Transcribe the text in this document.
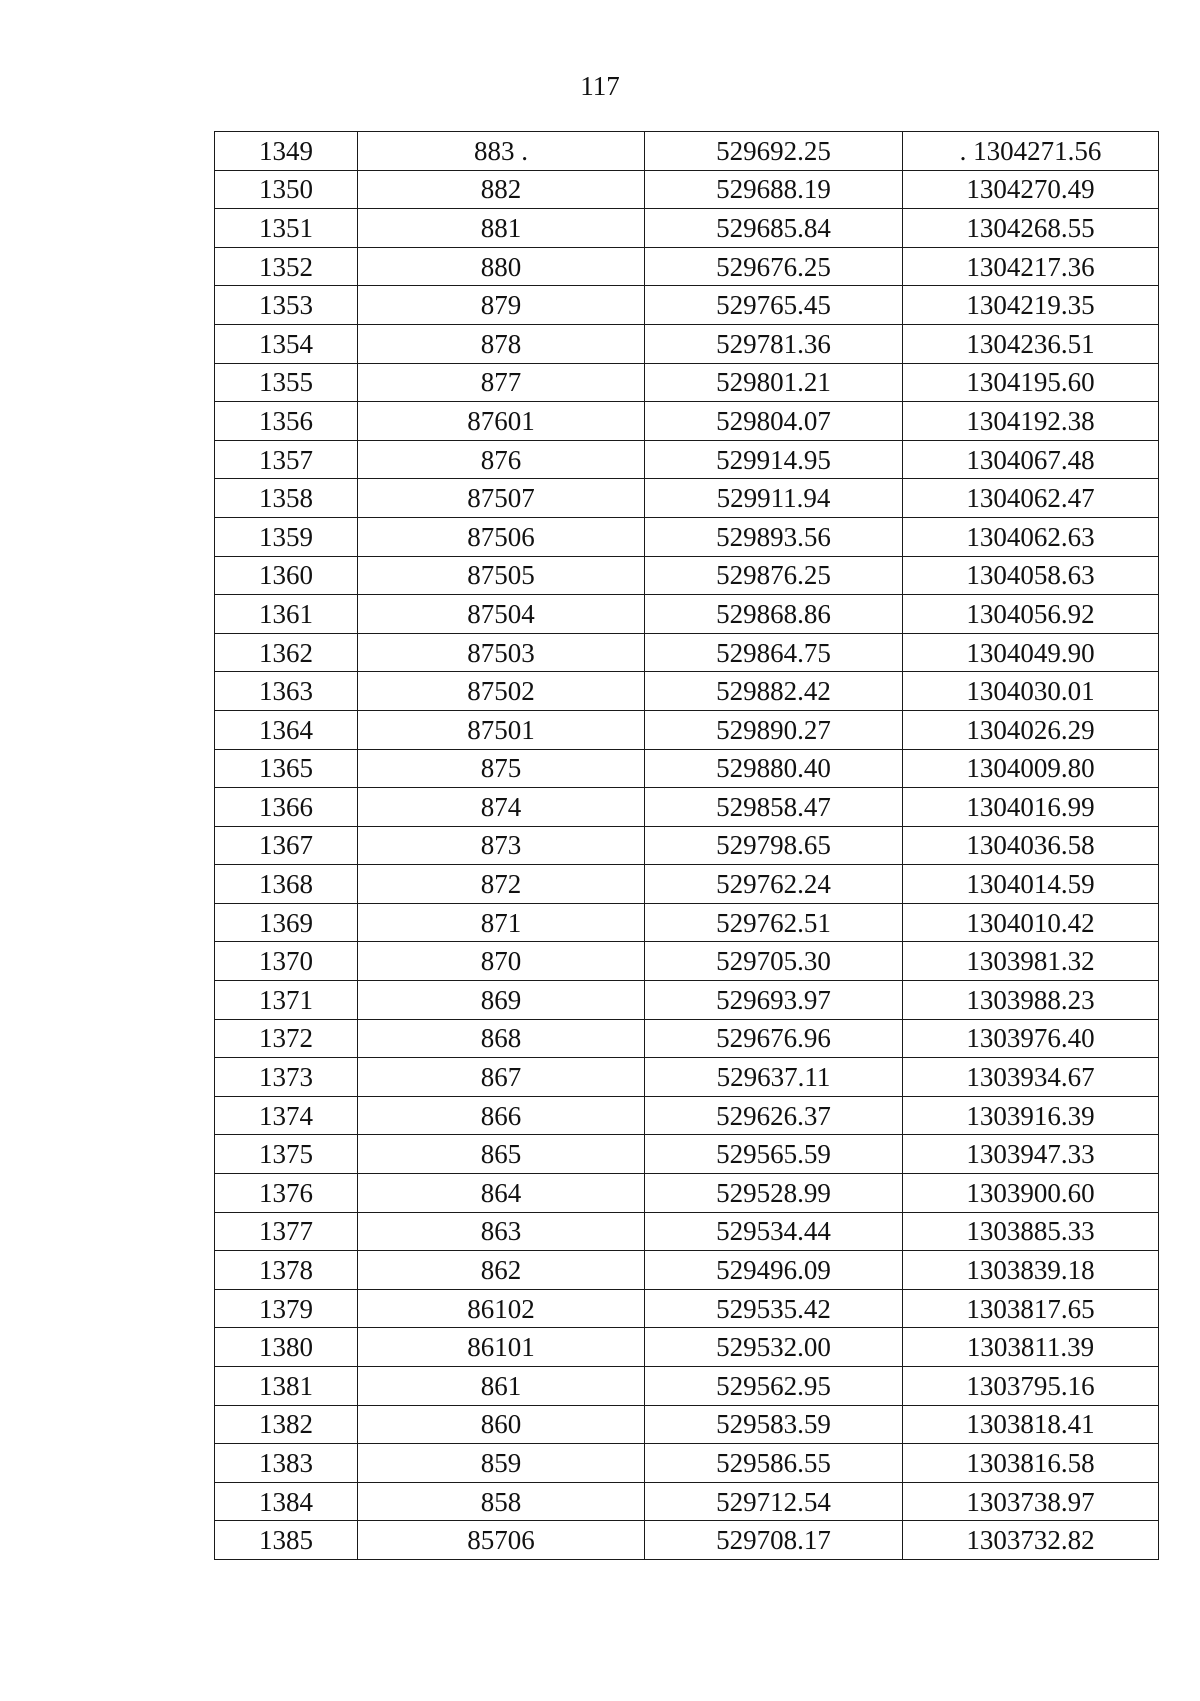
117
1349	883 .	529692.25	. 1304271.56
1350	882	529688.19	1304270.49
1351	881	529685.84	1304268.55
1352	880	529676.25	1304217.36
1353	879	529765.45	1304219.35
1354	878	529781.36	1304236.51
1355	877	529801.21	1304195.60
1356	87601	529804.07	1304192.38
1357	876	529914.95	1304067.48
1358	87507	529911.94	1304062.47
1359	87506	529893.56	1304062.63
1360	87505	529876.25	1304058.63
1361	87504	529868.86	1304056.92
1362	87503	529864.75	1304049.90
1363	87502	529882.42	1304030.01
1364	87501	529890.27	1304026.29
1365	875	529880.40	1304009.80
1366	874	529858.47	1304016.99
1367	873	529798.65	1304036.58
1368	872	529762.24	1304014.59
1369	871	529762.51	1304010.42
1370	870	529705.30	1303981.32
1371	869	529693.97	1303988.23
1372	868	529676.96	1303976.40
1373	867	529637.11	1303934.67
1374	866	529626.37	1303916.39
1375	865	529565.59	1303947.33
1376	864	529528.99	1303900.60
1377	863	529534.44	1303885.33
1378	862	529496.09	1303839.18
1379	86102	529535.42	1303817.65
1380	86101	529532.00	1303811.39
1381	861	529562.95	1303795.16
1382	860	529583.59	1303818.41
1383	859	529586.55	1303816.58
1384	858	529712.54	1303738.97
1385	85706	529708.17	1303732.82
